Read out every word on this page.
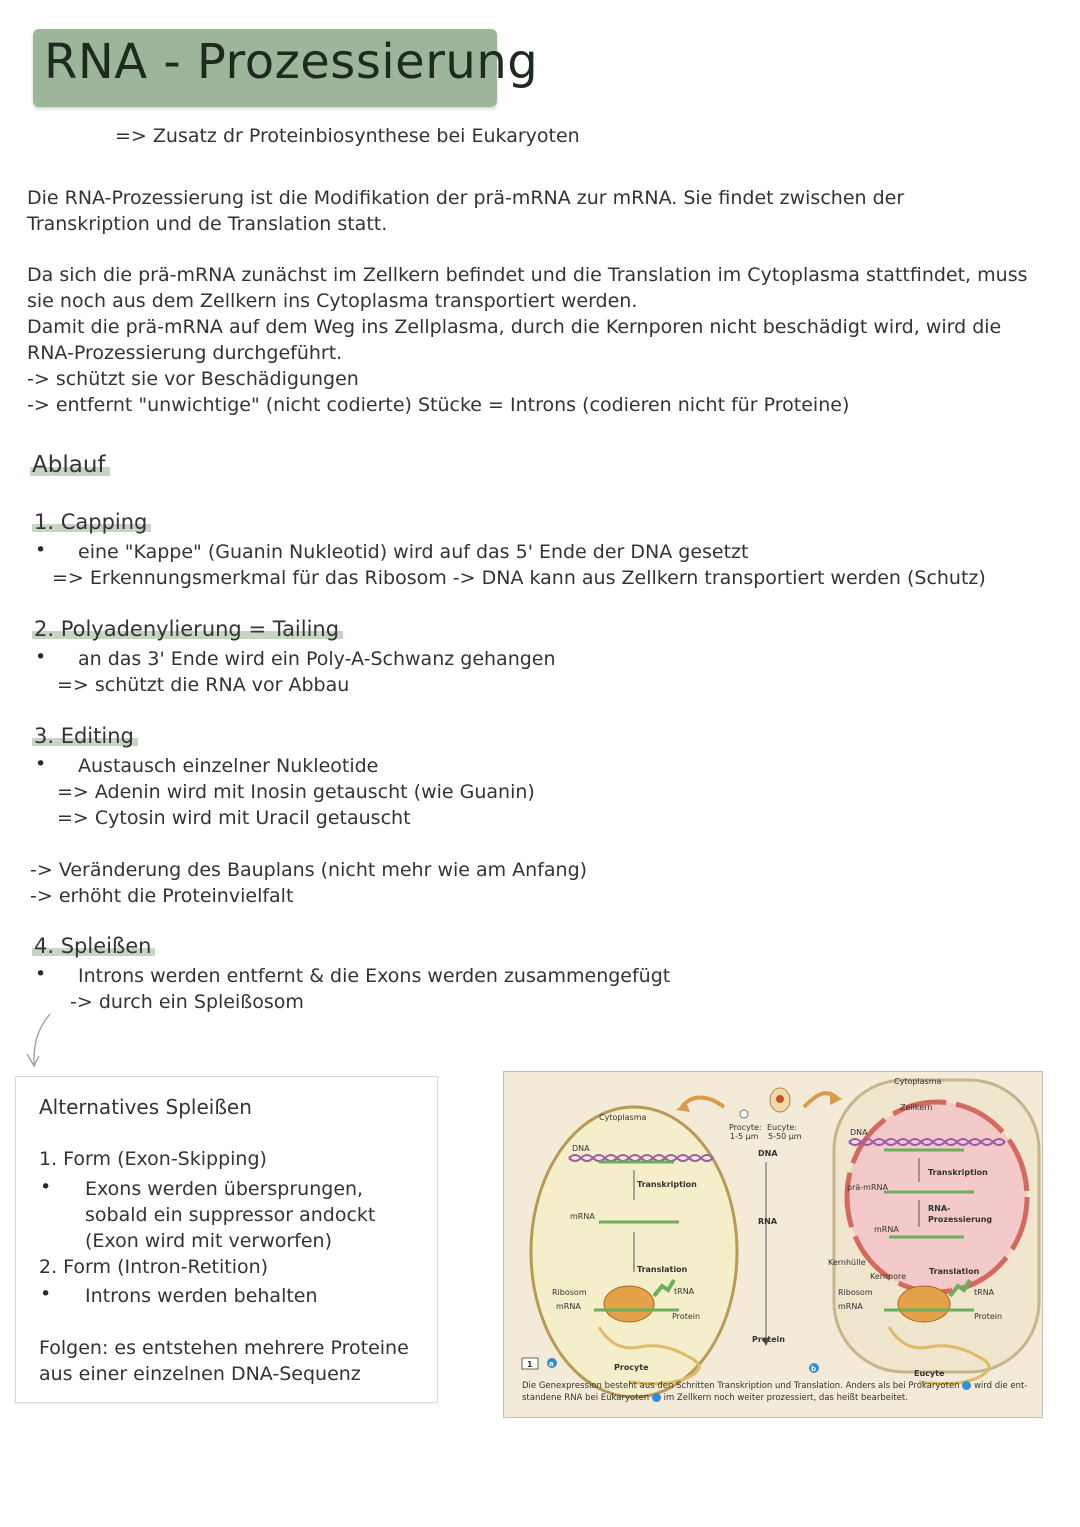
RNA - Prozessierung
=> Zusatz dr Proteinbiosynthese bei Eukaryoten
Die RNA-Prozessierung ist die Modifikation der prä-mRNA zur mRNA. Sie findet zwischen der
Transkription und de Translation statt.
Da sich die prä-mRNA zunächst im Zellkern befindet und die Translation im Cytoplasma stattfindet, muss
sie noch aus dem Zellkern ins Cytoplasma transportiert werden.
Damit die prä-mRNA auf dem Weg ins Zellplasma, durch die Kernporen nicht beschädigt wird, wird die
RNA-Prozessierung durchgeführt.
-> schützt sie vor Beschädigungen
-> entfernt "unwichtige" (nicht codierte) Stücke = Introns (codieren nicht für Proteine)
Ablauf
1. Capping
• eine "Kappe" (Guanin Nukleotid) wird auf das 5' Ende der DNA gesetzt
=> Erkennungsmerkmal für das Ribosom -> DNA kann aus Zellkern transportiert werden (Schutz)
2. Polyadenylierung = Tailing
• an das 3' Ende wird ein Poly-A-Schwanz gehangen
=> schützt die RNA vor Abbau
3. Editing
• Austausch einzelner Nukleotide
=> Adenin wird mit Inosin getauscht (wie Guanin)
=> Cytosin wird mit Uracil getauscht
-> Veränderung des Bauplans (nicht mehr wie am Anfang)
-> erhöht die Proteinvielfalt
4. Spleißen
• Introns werden entfernt & die Exons werden zusammengefügt
-> durch ein Spleißosom
Alternatives Spleißen
1. Form (Exon-Skipping)
• Exons werden übersprungen,
sobald ein suppressor andockt
(Exon wird mit verworfen)
2. Form (Intron-Retition)
• Introns werden behalten
Folgen: es entstehen mehrere Proteine
aus einer einzelnen DNA-Sequenz
Cytoplasma
DNA
Transkription
mRNA
Translation
Ribosom
mRNA
tRNA
Protein
Procyte:
1-5 µm
Eucyte:
5-50 µm
DNA
RNA
Protein
Cytoplasma
Zellkern
DNA
Transkription
prä-mRNA
RNA-
Prozessierung
mRNA
Kernhülle
Kernpore
Translation
Ribosom
mRNA
tRNA
Protein
1 a	Procyte	b	Eucyte
Die Genexpression besteht aus den Schritten Transkription und Translation. Anders als bei Prokaryoten wird die ent-
standene RNA bei Eukaryoten im Zellkern noch weiter prozessiert, das heißt bearbeitet.
